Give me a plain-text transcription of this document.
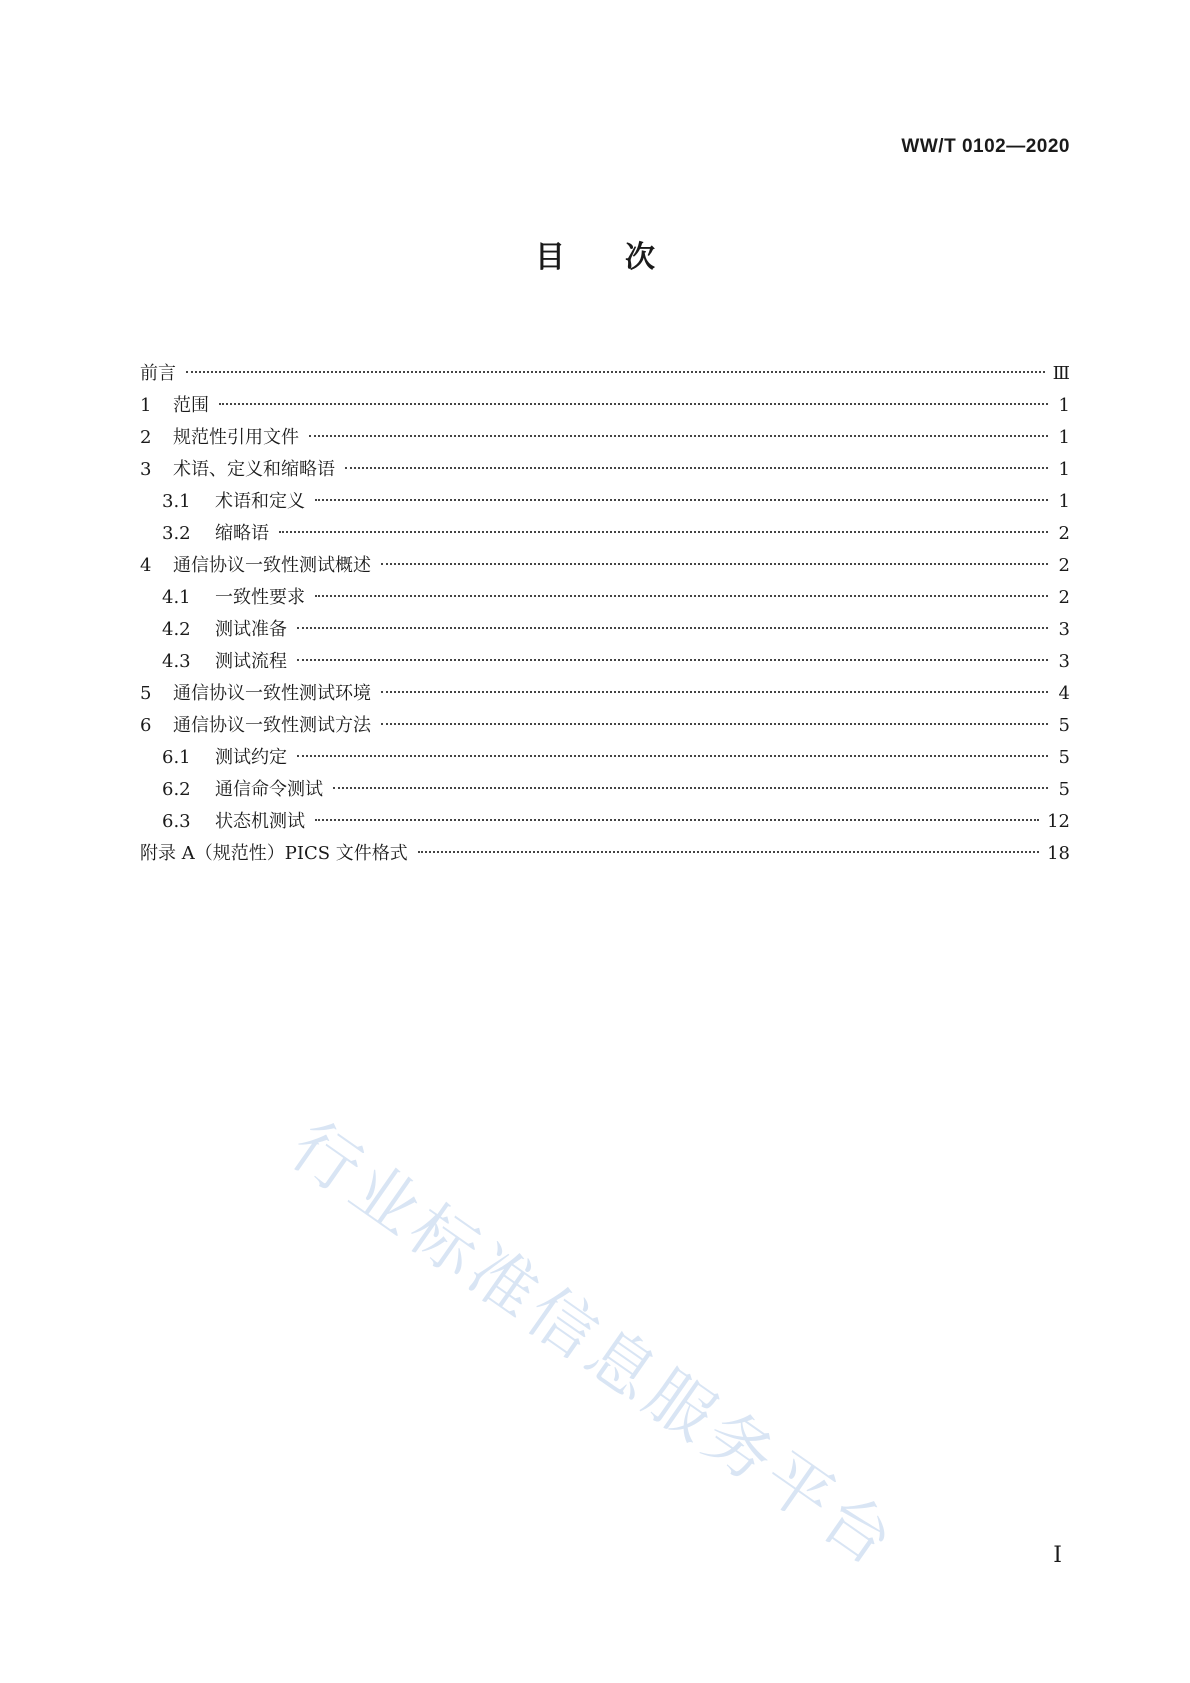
WW/T 0102—2020
目次
前言	Ⅲ
1	范围	1
2	规范性引用文件	1
3	术语、定义和缩略语	1
3.1	术语和定义	1
3.2	缩略语	2
4	通信协议一致性测试概述	2
4.1	一致性要求	2
4.2	测试准备	3
4.3	测试流程	3
5	通信协议一致性测试环境	4
6	通信协议一致性测试方法	5
6.1	测试约定	5
6.2	通信命令测试	5
6.3	状态机测试	12
附录 A（规范性）PICS 文件格式	18
行业标准信息服务平台	I
